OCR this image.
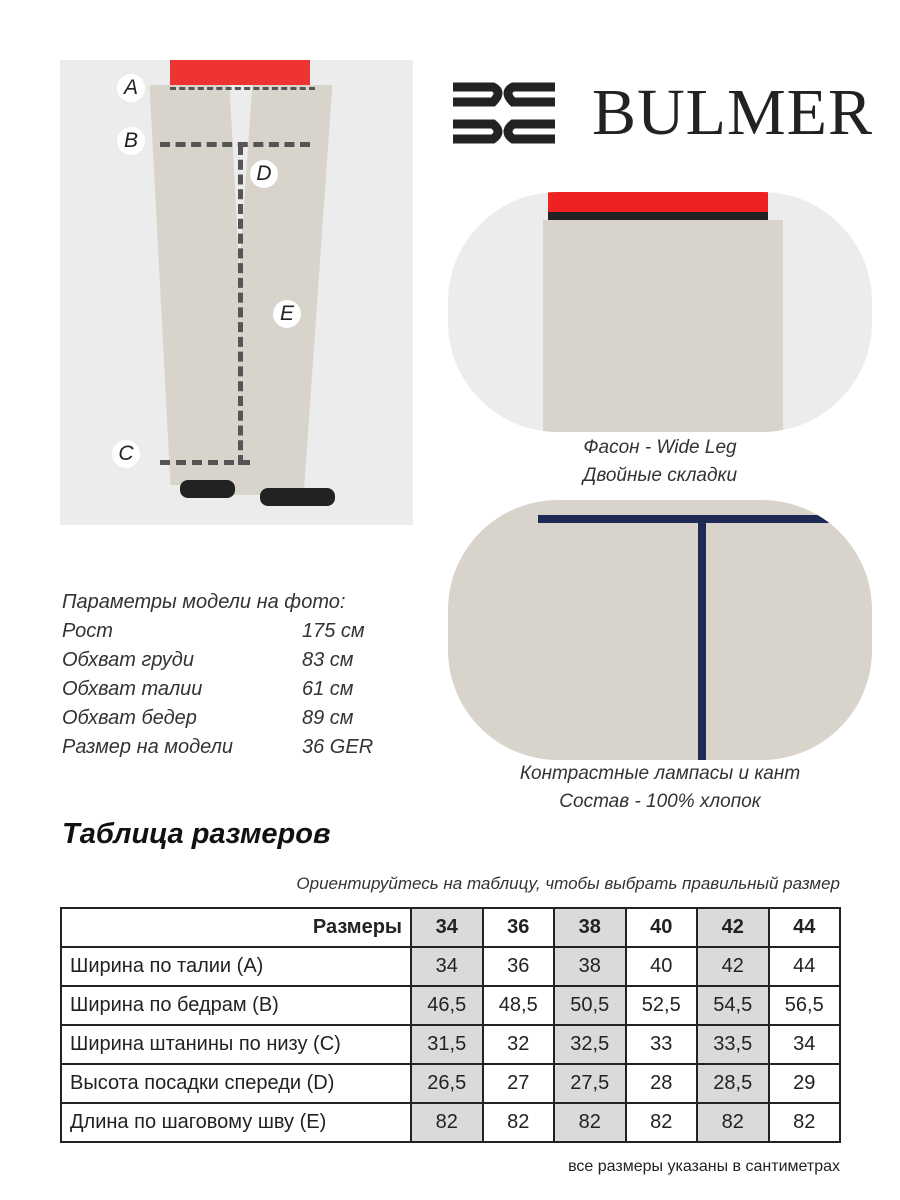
A
B
D
E
C
BULMER
Фасон - Wide Leg
Двойные складки
Контрастные лампасы и кант
Состав - 100% хлопок
Параметры модели на фото:
Рост	175 см
Обхват груди	83 см
Обхват талии	61 см
Обхват бедер	89 см
Размер на модели	36 GER
Таблица размеров
Ориентируйтесь на таблицу, чтобы выбрать правильный размер
Размеры	34	36	38	40	42	44
Ширина по талии (A)	34	36	38	40	42	44
Ширина по бедрам (B)	46,5	48,5	50,5	52,5	54,5	56,5
Ширина штанины по низу (C)	31,5	32	32,5	33	33,5	34
Высота посадки спереди (D)	26,5	27	27,5	28	28,5	29
Длина по шаговому шву (E)	82	82	82	82	82	82
все размеры указаны в сантиметрах
